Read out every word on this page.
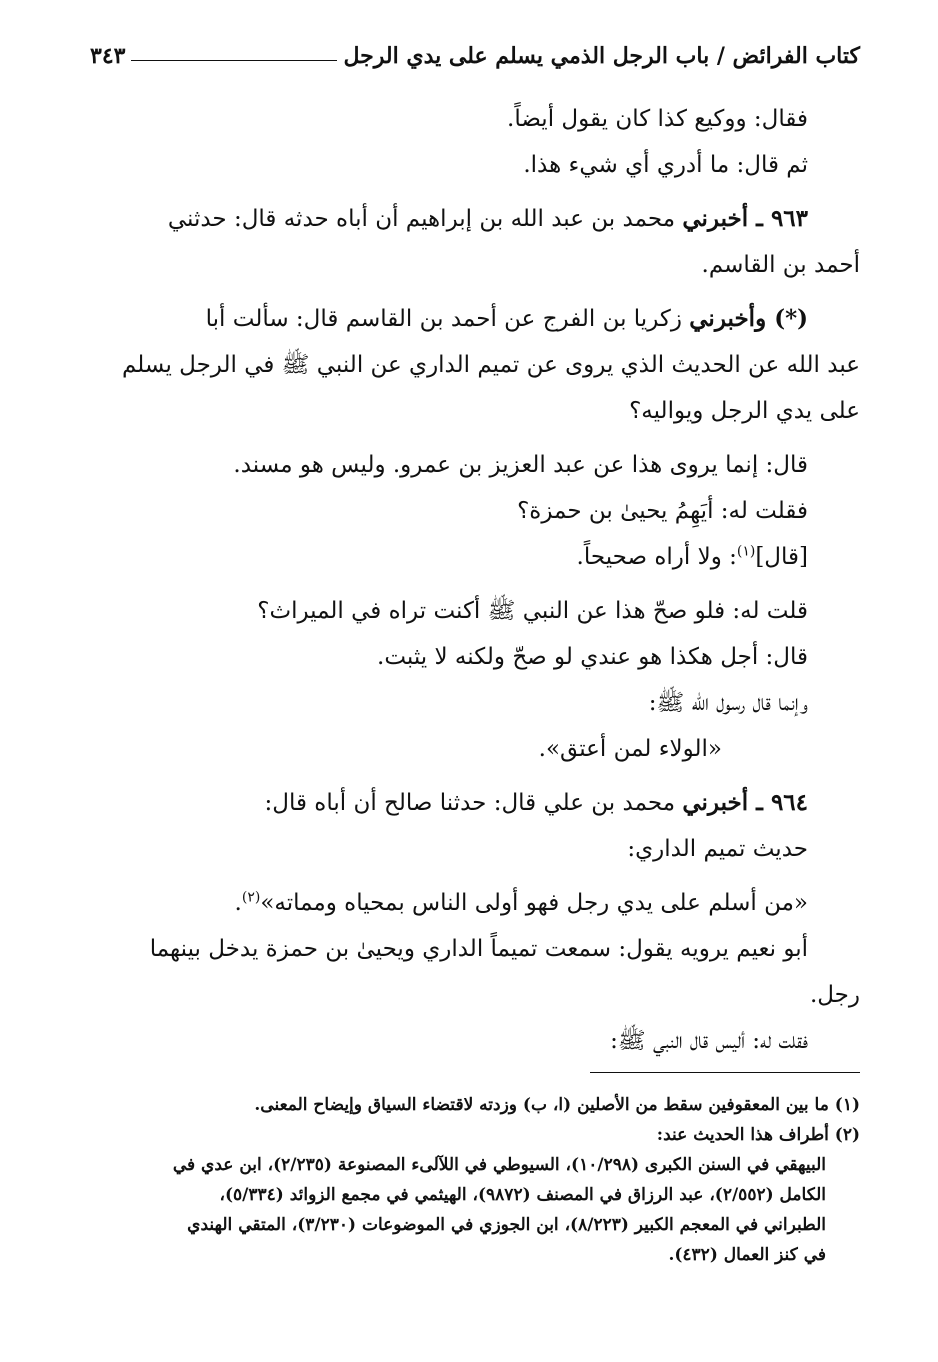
كتاب الفرائض / باب الرجل الذمي يسلم على يدي الرجل
٣٤٣

فقال: ووكيع كذا كان يقول أيضاً.

ثم قال: ما أدري أي شيء هذا.

٩٦٣ ـ أخبرني محمد بن عبد الله بن إبراهيم أن أباه حدثه قال: حدثني

أحمد بن القاسم.

(*) وأخبرني زكريا بن الفرج عن أحمد بن القاسم قال: سألت أبا

عبد الله عن الحديث الذي يروى عن تميم الداري عن النبي ﷺ في الرجل يسلم

على يدي الرجل ويواليه؟

قال: إنما يروى هذا عن عبد العزيز بن عمرو. وليس هو مسند.

فقلت له: أيَهِمُ يحيىٰ بن حمزة؟

[قال]$^{(١)}$: ولا أراه صحيحاً.

قلت له: فلو صحّ هذا عن النبي ﷺ أكنت تراه في الميراث؟

قال: أجل هكذا هو عندي لو صحّ ولكنه لا يثبت.

وإنما قال رسول الله ﷺ:

«الولاء لمن أعتق».

٩٦٤ ـ أخبرني محمد بن علي قال: حدثنا صالح أن أباه قال:

حديث تميم الداري:

«من أسلم على يدي رجل فهو أولى الناس بمحياه ومماته»$^{(٢)}$.

أبو نعيم يرويه يقول: سمعت تميماً الداري ويحيىٰ بن حمزة يدخل بينهما

رجل.

فقلت له: أليس قال النبي ﷺ:

(١) ما بين المعقوفين سقط من الأصلين (ا، ب) وزدته لاقتضاء السياق وإيضاح المعنى.

(٢) أطراف هذا الحديث عند:

البيهقي في السنن الكبرى (١٠/٢٩٨)، السيوطي في اللآلىء المصنوعة (٢/٢٣٥)، ابن عدي في

الكامل (٢/٥٥٢)، عبد الرزاق في المصنف (٩٨٧٢)، الهيثمي في مجمع الزوائد (٥/٣٣٤)،

الطبراني في المعجم الكبير (٨/٢٢٣)، ابن الجوزي في الموضوعات (٣/٢٣٠)، المتقي الهندي

في كنز العمال (٤٣٢).
